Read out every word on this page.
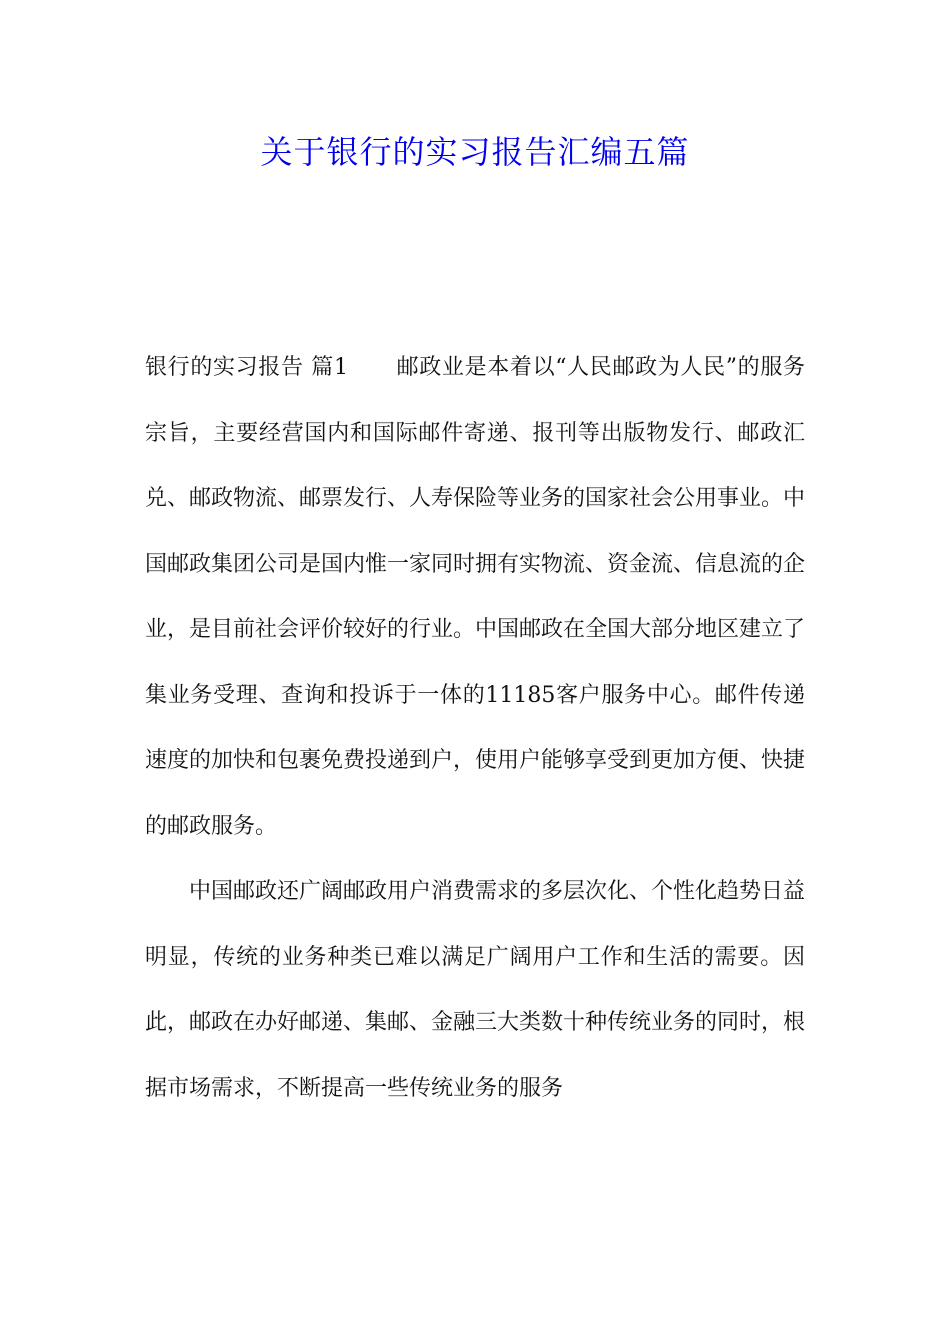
关于银行的实习报告汇编五篇

银行的实习报告 篇1 邮政业是本着以“人民邮政为人民”的服务宗旨，主要经营国内和国际邮件寄递、报刊等出版物发行、邮政汇兑、邮政物流、邮票发行、人寿保险等业务的国家社会公用事业。中国邮政集团公司是国内惟一家同时拥有实物流、资金流、信息流的企业，是目前社会评价较好的行业。中国邮政在全国大部分地区建立了集业务受理、查询和投诉于一体的11185客户服务中心。邮件传递速度的加快和包裹免费投递到户，使用户能够享受到更加方便、快捷的邮政服务。

中国邮政还广阔邮政用户消费需求的多层次化、个性化趋势日益明显，传统的业务种类已难以满足广阔用户工作和生活的需要。因此，邮政在办好邮递、集邮、金融三大类数十种传统业务的同时，根据市场需求，不断提高一些传统业务的服务
